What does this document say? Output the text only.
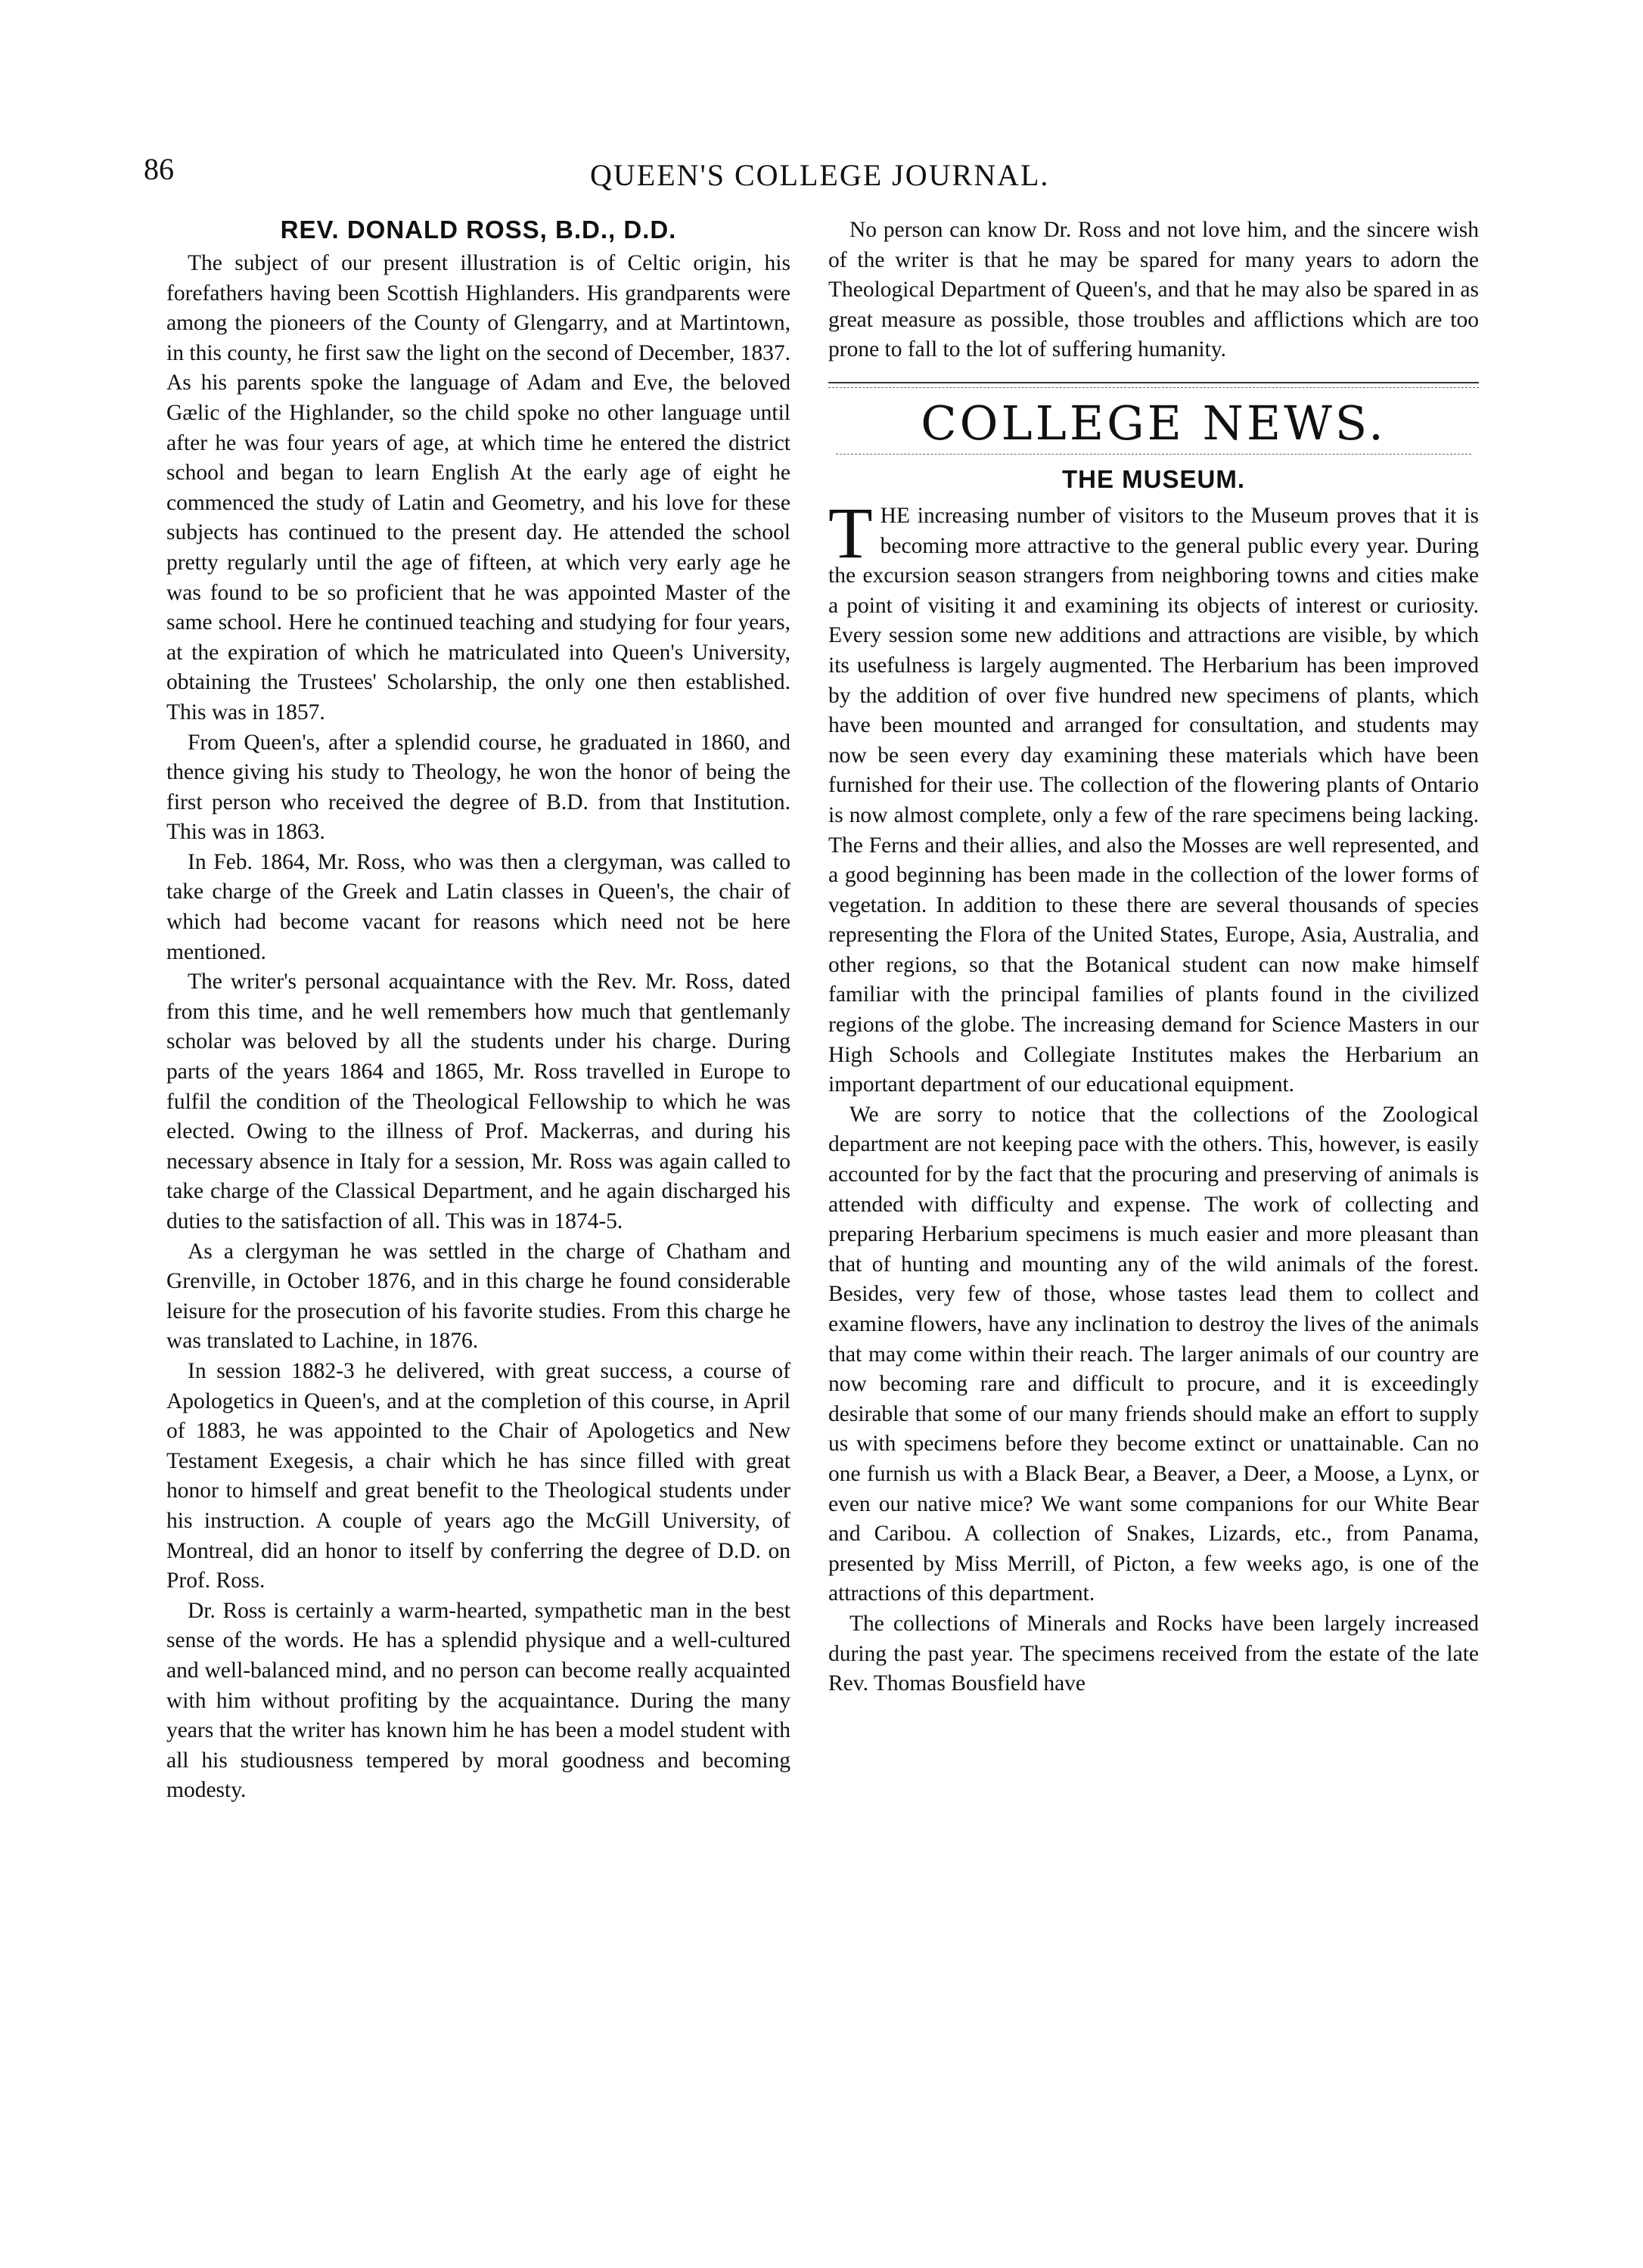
86	QUEEN'S COLLEGE JOURNAL.
REV. DONALD ROSS, B.D., D.D.

The subject of our present illustration is of Celtic origin, his forefathers having been Scottish Highlanders. His grandparents were among the pioneers of the County of Glengarry, and at Martintown, in this county, he first saw the light on the second of December, 1837. As his parents spoke the language of Adam and Eve, the beloved Gælic of the Highlander, so the child spoke no other language until after he was four years of age, at which time he entered the district school and began to learn English At the early age of eight he commenced the study of Latin and Geometry, and his love for these subjects has continued to the present day. He attended the school pretty regularly until the age of fifteen, at which very early age he was found to be so proficient that he was appointed Master of the same school. Here he continued teaching and studying for four years, at the expiration of which he matriculated into Queen's University, obtaining the Trustees' Scholarship, the only one then established. This was in 1857.

From Queen's, after a splendid course, he graduated in 1860, and thence giving his study to Theology, he won the honor of being the first person who received the degree of B.D. from that Institution. This was in 1863.

In Feb. 1864, Mr. Ross, who was then a clergyman, was called to take charge of the Greek and Latin classes in Queen's, the chair of which had become vacant for reasons which need not be here mentioned.

The writer's personal acquaintance with the Rev. Mr. Ross, dated from this time, and he well remembers how much that gentlemanly scholar was beloved by all the students under his charge. During parts of the years 1864 and 1865, Mr. Ross travelled in Europe to fulfil the condition of the Theological Fellowship to which he was elected. Owing to the illness of Prof. Mackerras, and during his necessary absence in Italy for a session, Mr. Ross was again called to take charge of the Classical Department, and he again discharged his duties to the satisfaction of all. This was in 1874-5.

As a clergyman he was settled in the charge of Chatham and Grenville, in October 1876, and in this charge he found considerable leisure for the prosecution of his favorite studies. From this charge he was translated to Lachine, in 1876.

In session 1882-3 he delivered, with great success, a course of Apologetics in Queen's, and at the completion of this course, in April of 1883, he was appointed to the Chair of Apologetics and New Testament Exegesis, a chair which he has since filled with great honor to himself and great benefit to the Theological students under his instruction. A couple of years ago the McGill University, of Montreal, did an honor to itself by conferring the degree of D.D. on Prof. Ross.

Dr. Ross is certainly a warm-hearted, sympathetic man in the best sense of the words. He has a splendid physique and a well-cultured and well-balanced mind, and no person can become really acquainted with him without profiting by the acquaintance. During the many years that the writer has known him he has been a model student with all his studiousness tempered by moral goodness and becoming modesty.

No person can know Dr. Ross and not love him, and the sincere wish of the writer is that he may be spared for many years to adorn the Theological Department of Queen's, and that he may also be spared in as great measure as possible, those troubles and afflictions which are too prone to fall to the lot of suffering humanity.

COLLEGE NEWS.
THE MUSEUM.

THE increasing number of visitors to the Museum proves that it is becoming more attractive to the general public every year. During the excursion season strangers from neighboring towns and cities make a point of visiting it and examining its objects of interest or curiosity. Every session some new additions and attractions are visible, by which its usefulness is largely augmented. The Herbarium has been improved by the addition of over five hundred new specimens of plants, which have been mounted and arranged for consultation, and students may now be seen every day examining these materials which have been furnished for their use. The collection of the flowering plants of Ontario is now almost complete, only a few of the rare specimens being lacking. The Ferns and their allies, and also the Mosses are well represented, and a good beginning has been made in the collection of the lower forms of vegetation. In addition to these there are several thousands of species representing the Flora of the United States, Europe, Asia, Australia, and other regions, so that the Botanical student can now make himself familiar with the principal families of plants found in the civilized regions of the globe. The increasing demand for Science Masters in our High Schools and Collegiate Institutes makes the Herbarium an important department of our educational equipment.

We are sorry to notice that the collections of the Zoological department are not keeping pace with the others. This, however, is easily accounted for by the fact that the procuring and preserving of animals is attended with difficulty and expense. The work of collecting and preparing Herbarium specimens is much easier and more pleasant than that of hunting and mounting any of the wild animals of the forest. Besides, very few of those, whose tastes lead them to collect and examine flowers, have any inclination to destroy the lives of the animals that may come within their reach. The larger animals of our country are now becoming rare and difficult to procure, and it is exceedingly desirable that some of our many friends should make an effort to supply us with specimens before they become extinct or unattainable. Can no one furnish us with a Black Bear, a Beaver, a Deer, a Moose, a Lynx, or even our native mice? We want some companions for our White Bear and Caribou. A collection of Snakes, Lizards, etc., from Panama, presented by Miss Merrill, of Picton, a few weeks ago, is one of the attractions of this department.

The collections of Minerals and Rocks have been largely increased during the past year. The specimens received from the estate of the late Rev. Thomas Bousfield have
